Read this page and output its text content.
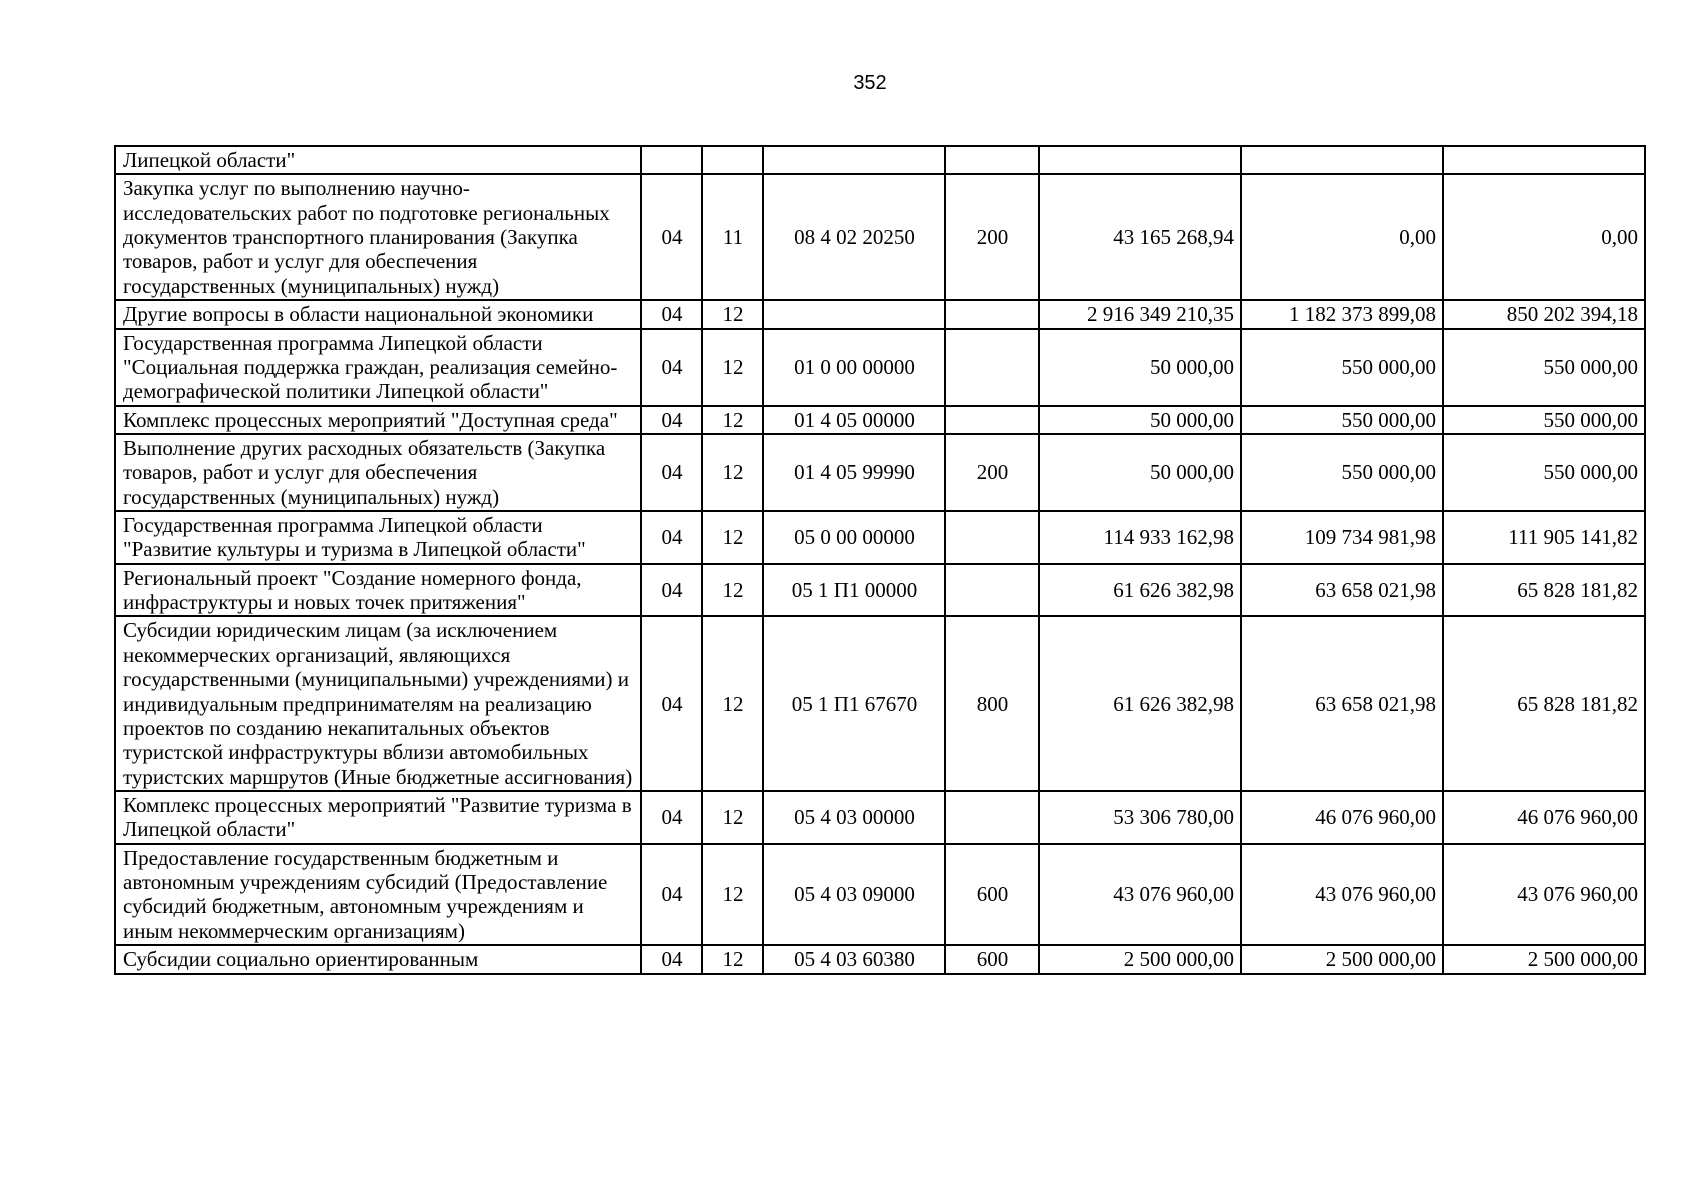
352
Липецкой области"							
Закупка услуг по выполнению научно-исследовательских работ по подготовке региональных документов транспортного планирования (Закупка товаров, работ и услуг для обеспечения государственных (муниципальных) нужд)	04	11	08 4 02 20250	200	43 165 268,94	0,00	0,00
Другие вопросы в области национальной экономики	04	12			2 916 349 210,35	1 182 373 899,08	850 202 394,18
Государственная программа Липецкой области "Социальная поддержка граждан, реализация семейно-демографической политики Липецкой области"	04	12	01 0 00 00000		50 000,00	550 000,00	550 000,00
Комплекс процессных мероприятий "Доступная среда"	04	12	01 4 05 00000		50 000,00	550 000,00	550 000,00
Выполнение других расходных обязательств (Закупка товаров, работ и услуг для обеспечения государственных (муниципальных) нужд)	04	12	01 4 05 99990	200	50 000,00	550 000,00	550 000,00
Государственная программа Липецкой области "Развитие культуры и туризма в Липецкой области"	04	12	05 0 00 00000		114 933 162,98	109 734 981,98	111 905 141,82
Региональный проект "Создание номерного фонда, инфраструктуры и новых точек притяжения"	04	12	05 1 П1 00000		61 626 382,98	63 658 021,98	65 828 181,82
Субсидии юридическим лицам (за исключением некоммерческих организаций, являющихся государственными (муниципальными) учреждениями) и индивидуальным предпринимателям на реализацию проектов по созданию некапитальных объектов туристской инфраструктуры вблизи автомобильных туристских маршрутов (Иные бюджетные ассигнования)	04	12	05 1 П1 67670	800	61 626 382,98	63 658 021,98	65 828 181,82
Комплекс процессных мероприятий "Развитие туризма в Липецкой области"	04	12	05 4 03 00000		53 306 780,00	46 076 960,00	46 076 960,00
Предоставление государственным бюджетным и автономным учреждениям субсидий (Предоставление субсидий бюджетным, автономным учреждениям и иным некоммерческим организациям)	04	12	05 4 03 09000	600	43 076 960,00	43 076 960,00	43 076 960,00
Субсидии социально ориентированным	04	12	05 4 03 60380	600	2 500 000,00	2 500 000,00	2 500 000,00
